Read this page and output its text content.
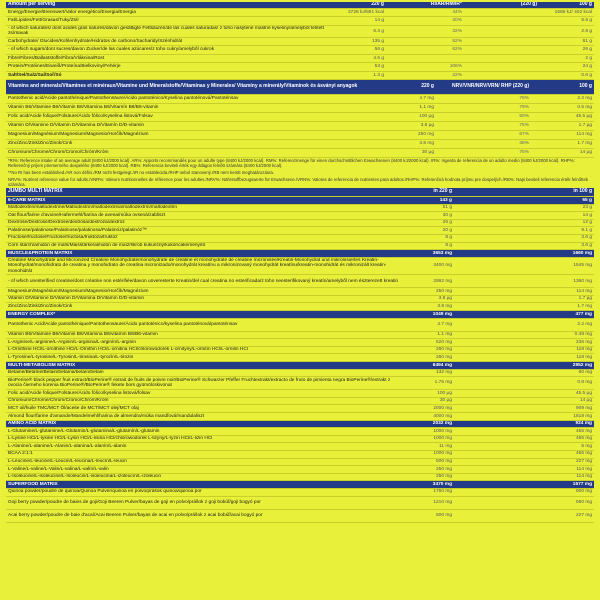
Amount per serving	220 g	RI/AR/RM/IR*	(220 g)	100 g
Energy/Energie/Brennwert/Valor energético/Energia/Energia	3728 kJ/881 kcal	44%		1686 kJ/ 402 kcal
Fat/Lipides/Fett/Grasas/Tuky/Zsír	14 g	20%		6.5 g
- of which saturates/ dont acides gras saturés/davon gesättigte Fettsäuren/de las cuales saturadas/ z toho nasýtené mastné kyseliny/amelyből telített zsírsavak	6.3 g	32%		2.8 g
Carbohydrate/ Glucides/Kohlenhydrate/Hidratos de carbono/Sacharidy/Szénhidrát	135 g	52%		61 g
- of which sugars/dont sucres/davon Zucker/de las cuales azúcares/z toho cukry/amelyből cukrok	56 g	62%		26 g
Fibre/Fibres/Ballaststoffe/Fibra/Vláknina/Rost	4.5 g			2 g
Protein/Protéines/Eiweiß/Proteína/Bielkoviny/Fehérje	53 g	106%		24 g
Salt/Sel/Salz/Sal/Soľ/Só	1.3 g	22%		0.6 g
Vitamins and minerals/Vitamines et minéraux/Vitamine und Mineralstoffe/Vitaminas y Minerales/ Vitamíny a minerály/Vitaminok és ásványi anyagok	220 g	NRV/VNR/NRV/VRN/ RHP (220 g)	100 g
Pantothenic acid/Acide pantothénique/Pantothensäure/Ácido pantoténico/Kyselina pantoténová/Pantoténsav	4.7 mg	78%	2.2 mg
Vitamin B6/Vitamine B6/Vitamin B6/Vitamina B6/Vitamín B6/B6-vitamin	1.1 mg	79%	0.5 mg
Folic acid/Acide folique/Folsäure/Ácido fólico/Kyselina listová/Folsav	100 µg	50%	45.5 µg
Vitamin D/Vitamine D/Vitamin D/Vitamina D/Vitamín D/D-vitamin	3.8 µg	75%	1.7 µg
Magnesium/Magnésium/Magnesium/Magnesio/Horčík/Magnézium	250 mg	67%	114 mg
Zinc/Zinc/Zink/Zinc/Zinok/Cink	3.8 mg	38%	1.7 mg
Chromium/Chrome/Chrom/Cromo/Chróm/Króm	30 µg	75%	14 µg
*RI%: Reference intake of an average adult (8400 kJ/2000 kcal). AR%: Apports recommandés pour un adulte type (8400 kJ/2000 kcal). RM%: Referenzmenge für einen durchschnittlichen Erwachsenen (8400 kJ/2000 kcal). IR%: Ingesta de referencia de un adulto medio (8400 kJ/2000 kcal). RHP%: Referenčný príjem priemerného dospelého (8400 kJ/2000 kcal). RB%: Referencia beviteli érték egy átlagos felnőtt számára (8400 kJ/2000 kcal).
**No RI has been established./AR non défini./RM nicht festgelegt./IR no establecida./RHP nebol stanovený./RB nem került meghatározásra.
NRV%: Nutrient reference value for adults./VNR%: Valeurs nutritionnelles de référence pour les adultes./NRV%: Nährstoffbezugswerte für Erwachsene./VRN%: Valores de referencia de nutrientes para adultos./RHP%: Referenčná hodnota príjmu pre dospelých./RB%: Napi beviteli referencia érték felnőttek számára.
JUMBO MULTI MATRIX	in 220 g	in 100 g
6-CARB MATRIX	143 g	65 g
Maltodextrin/maltodextrine/Maltodextrin/maltodextrina/maltodextrín/maltodextrin	51 g	23 g
Oat flour/farine d'avoine/Hafermehl/harina de avena/múka ovsená/zabliszt	30 g	14 g
Dextrose/Dextrose/Dextrose/dextrosa/dextróza/dextróz	26 g	12 g
Palatinose/palatinose/Palatinose/palatinosa/Palatinóz/palatinóz™	20 g	9.1 g
Fructose/fructose/Fructose/fructosa/fruktóza/fruktóz	8 g	3.6 g
Corn starch/amidon de maïs/Maisstärke/almidón de maíz/škrob kukuričný/kukoricakeményítő	8 g	3.6 g
MUSCLE&PROTEIN MATRIX	3653 mg	1660 mg
Creatine Monohydrate and Micronized Creatine Monohydrate/monohydrate de créatine et monohydrate de créatine micronisée/Kreatin-Monohydrat und mikronisiertes Kreatin-Monohydrat/monohidrato de creatina y monohidrato de creatina micronizado/monohydrát kreatínu a mikronizovaný monohydrát kreatínu/kreatin-monohidrát és mikronizált kreatin-monohidrát	3400 mg	1545 mg
- of which unesterified creatine/dont créatine non estérifiée/davon unveresterte Kreatin/del cual creatina no esterificada/z toho neesterifikovaný kreatín/amelyből nem észterezett kreatin	2992 mg	1360 mg
Magnesium/Magnésium/Magnesium/Magnesio/Horčík/Magnézium	250 mg	114 mg
Vitamin D/Vitamine D/Vitamin D/Vitamina D/Vitamín D/D-vitamin	3.8 µg	1.7 µg
Zinc/Zinc/Zink/Zinc/Zinok/Cink	3.8 mg	1.7 mg
ENERGY COMPLEX*	1049 mg	477 mg
Pantothenic Acid/Acide pantothénique/Pantothensäure/Ácido pantoténico/kyselina pantoténová/pantoténsav	4.7 mg	2.2 mg
Vitamin B6/Vitamine B6/Vitamin B6/Vitamina B6/vitamín B6/B6-vitamin	1.1 mg	0.48 mg
L-Arginine/L-arginine/L-Arginin/L-arginina/L-arginín/L-arginin	520 mg	236 mg
L-Ornithine HCl/L-ornithine HCl/L-Ornithin HCl/L-ornitina HCl/chlorowodorek L-ornityny/L-ornitín HCl/L-ornitin HCl	260 mg	118 mg
L-Tyrosine/L-tyrosine/L-Tyrosin/L-tirosina/L-tyrozín/L-tirozin	260 mg	118 mg
MULTI-METABOLISM MATRIX	6494 mg	2952 mg
Betaine/Bétaïne/Betain/betaína/betaín/betain	132 mg	60 mg
BioPerine® black pepper fruit extract/BioPerine® extrait de fruits de poivre noir/BioPerine® Schwarzer Pfeffer Fruchtextrakt/extracto de fruto de pimienta negra BioPerine®/extrakt z ovocia čierneho korenia BioPerine®/BioPerine® fekete bors gyümölcskivonat	1.75 mg	0.8 mg
Folic acid/Acide folique/Folsäure/Ácido fólico/kyselina listová/folsav	100 µg	45.5 µg
Chromium/Chrome/Chrom/Cromo/Chróm/Króm	30 µg	14 µg
MCT oil/huile TMC/MCT Öl/aceite de MCT/MCT olej/MCT olaj	2000 mg	909 mg
Almond flour/farine d'amande/Mandelmehl/harina de almendra/múka mandľová/mandulaliszt	4000 mg	1818 mg
AMINO ACID MATRIX	2032 mg	924 mg
L-Glutamine/L-glutamine/L-Glutamin/L-glutamina/L-glutamín/L-glutamin	1000 mg	455 mg
L-Lysine HCl/L-lysine HCl/L-Lysin HCl/L-lisina HCl/chlorowodorek L-lizyny/L-lyzín HCl/L-lizin HCl	1000 mg	455 mg
L-Alanine/L-alanine/L-Alanin/L-alanina/L-alanín/L-alanin	11 mg	5 mg
BCAA 2:1:1	1000 mg	455 mg
L-Leucine/L-leucine/L-Leucin/L-leucina/L-leucín/L-leucin	500 mg	227 mg
L-Valine/L-valine/L-Valin/L-valina/L-valín/L-valin	250 mg	114 mg
L-Isoleucine/L-isoleucine/L-Isoleucin/L-isoleucina/L-izoleucín/L-izoleucin	250 mg	114 mg
SUPERFOOD MATRIX	3470 mg	1577 mg
Quinoa powder/poudre de quinoa/Quinoa Pulver/quinoa en polvo/prášok quinoa/quinoa por	1760 mg	800 mg
Goji berry powder/poudre de baies de goji/Goji Beeren Pulver/bayas de goji en polvo/prášok z goji bobúľ/goji bogyó por	1210 mg	550 mg
Acai berry powder/poudre de baie d'acaí/Acai Beeren Pulver/bayas de acai en polvo/prášok z acai bobúľ/acai bogyó por	500 mg	227 mg
